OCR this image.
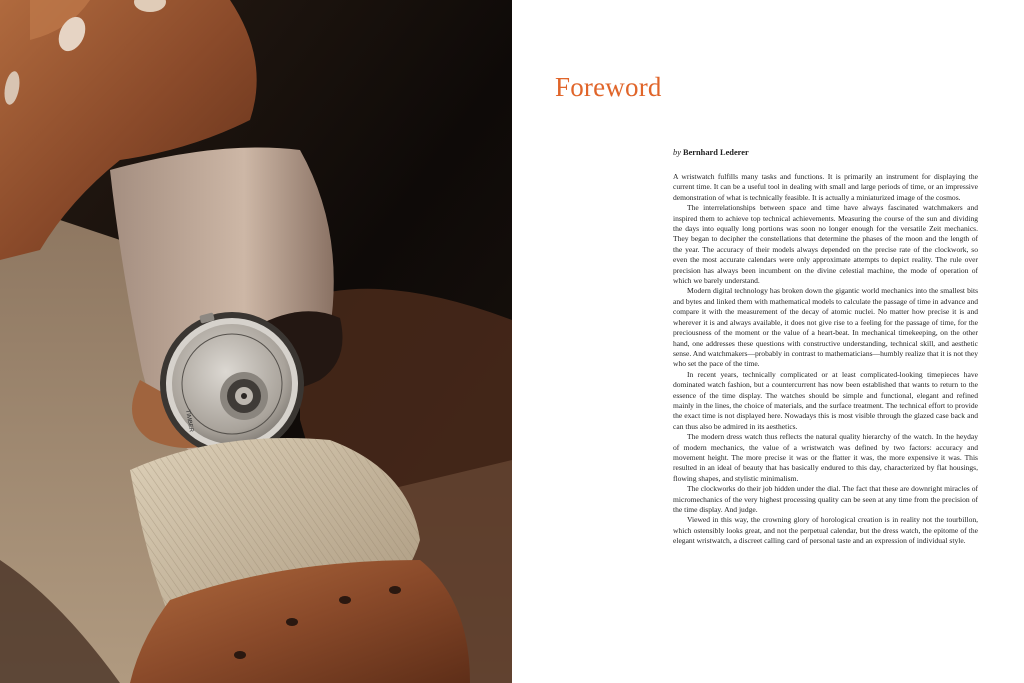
TIMBER
Foreword
by Bernhard Lederer

A wristwatch fulfills many tasks and functions. It is primarily an instrument for displaying the current time. It can be a useful tool in dealing with small and large periods of time, or an impressive demonstration of what is technically feasible. It is actually a miniaturized image of the cosmos.

The interrelationships between space and time have always fascinated watchmakers and inspired them to achieve top technical achievements. Measuring the course of the sun and dividing the days into equally long portions was soon no longer enough for the versatile Zeit mechanics. They began to decipher the constellations that determine the phases of the moon and the length of the year. The accuracy of their models always depended on the precise rate of the clockwork, so even the most accurate calendars were only approximate attempts to depict reality. The rule over precision has always been incumbent on the divine celestial machine, the mode of operation of which we barely understand.

Modern digital technology has broken down the gigantic world mechanics into the smallest bits and bytes and linked them with mathematical models to calculate the passage of time in advance and compare it with the measurement of the decay of atomic nuclei. No matter how precise it is and wherever it is and always available, it does not give rise to a feeling for the passage of time, for the preciousness of the moment or the value of a heart-beat. In mechanical timekeeping, on the other hand, one addresses these questions with constructive understanding, technical skill, and aesthetic sense. And watchmakers—probably in contrast to mathematicians—humbly realize that it is not they who set the pace of the time.

In recent years, technically complicated or at least complicated-looking timepieces have dominated watch fashion, but a countercurrent has now been established that wants to return to the essence of the time display. The watches should be simple and functional, elegant and refined mainly in the lines, the choice of materials, and the surface treatment. The technical effort to provide the exact time is not displayed here. Nowadays this is most visible through the glazed case back and can thus also be admired in its aesthetics.

The modern dress watch thus reflects the natural quality hierarchy of the watch. In the heyday of modern mechanics, the value of a wristwatch was defined by two factors: accuracy and movement height. The more precise it was or the flatter it was, the more expensive it was. This resulted in an ideal of beauty that has basically endured to this day, characterized by flat housings, flowing shapes, and stylistic minimalism.

The clockworks do their job hidden under the dial. The fact that these are downright miracles of micromechanics of the very highest processing quality can be seen at any time from the precision of the time display. And judge.

Viewed in this way, the crowning glory of horological creation is in reality not the tourbillon, which ostensibly looks great, and not the perpetual calendar, but the dress watch, the epitome of the elegant wristwatch, a discreet calling card of personal taste and an expression of individual style.
